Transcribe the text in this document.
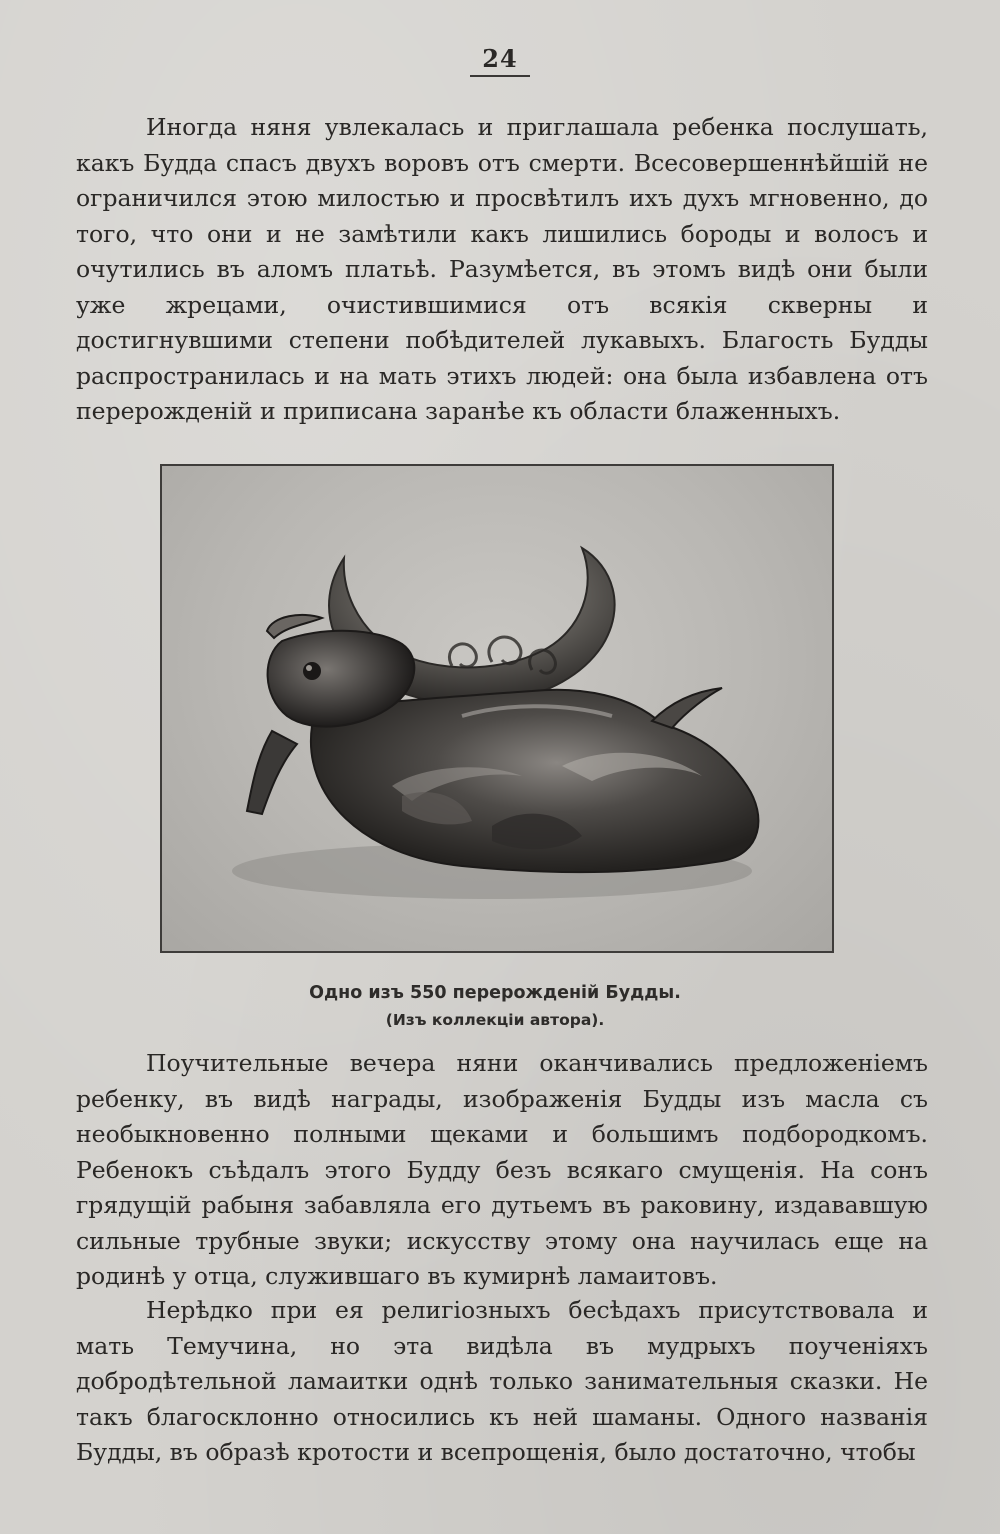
24

Иногда няня увлекалась и приглашала ребенка послушать, какъ Будда спасъ двухъ воровъ отъ смерти. Всесовершеннѣйшій не ограничился этою милостью и просвѣтилъ ихъ духъ мгновенно, до того, что они и не замѣтили какъ лишились бороды и волосъ и очутились въ аломъ платьѣ. Разумѣется, въ этомъ видѣ они были уже жрецами, очистившимися отъ всякія скверны и достигнувшими степени побѣдителей лукавыхъ. Благость Будды распространилась и на мать этихъ людей: она была избавлена отъ перерожденій и приписана заранѣе къ области блаженныхъ.

Одно изъ 550 перерожденій Будды.
(Изъ коллекціи автора).

Поучительные вечера няни оканчивались предложеніемъ ребенку, въ видѣ награды, изображенія Будды изъ масла съ необыкновенно полными щеками и большимъ подбородкомъ. Ребенокъ съѣдалъ этого Будду безъ всякаго смущенія. На сонъ грядущій рабыня забавляла его дутьемъ въ раковину, издававшую сильные трубные звуки; искусству этому она научилась еще на родинѣ у отца, служившаго въ кумирнѣ ламаитовъ.

Нерѣдко при ея религіозныхъ бесѣдахъ присутствовала и мать Темучина, но эта видѣла въ мудрыхъ поученіяхъ добродѣтельной ламаитки однѣ только занимательныя сказки. Не такъ благосклонно относились къ ней шаманы. Одного названія Будды, въ образѣ кротости и всепрощенія, было достаточно, чтобы
